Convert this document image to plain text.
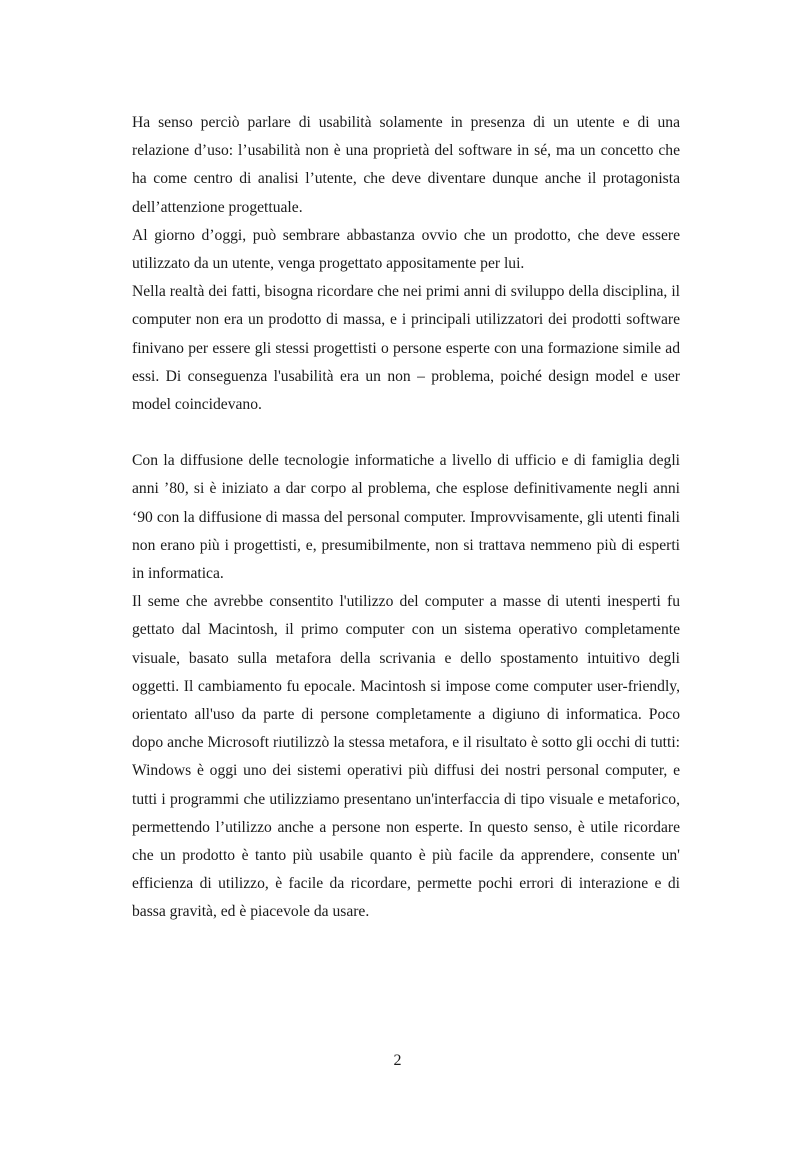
Ha senso perciò parlare di usabilità solamente in presenza di un utente e di una relazione d’uso: l’usabilità non è una proprietà del software in sé, ma un concetto che ha come centro di analisi l’utente, che deve diventare dunque anche il protagonista dell’attenzione progettuale.

Al giorno d’oggi, può sembrare abbastanza ovvio che un prodotto, che deve essere utilizzato da un utente, venga progettato appositamente per lui.

Nella realtà dei fatti, bisogna ricordare che nei primi anni di sviluppo della disciplina, il computer non era un prodotto di massa, e i principali utilizzatori dei prodotti software finivano per essere gli stessi progettisti o persone esperte con una formazione simile ad essi. Di conseguenza l'usabilità era un non – problema, poiché design model e user model coincidevano.

Con la diffusione delle tecnologie informatiche a livello di ufficio e di famiglia degli anni ’80, si è iniziato a dar corpo al problema, che esplose definitivamente negli anni ‘90 con la diffusione di massa del personal computer. Improvvisamente, gli utenti finali non erano più i progettisti, e, presumibilmente, non si trattava nemmeno più di esperti in informatica.

Il seme che avrebbe consentito l'utilizzo del computer a masse di utenti inesperti fu gettato dal Macintosh, il primo computer con un sistema operativo completamente visuale, basato sulla metafora della scrivania e dello spostamento intuitivo degli oggetti. Il cambiamento fu epocale. Macintosh si impose come computer user-friendly, orientato all'uso da parte di persone completamente a digiuno di informatica. Poco dopo anche Microsoft riutilizzò la stessa metafora, e il risultato è sotto gli occhi di tutti: Windows è oggi uno dei sistemi operativi più diffusi dei nostri personal computer, e tutti i programmi che utilizziamo presentano un'interfaccia di tipo visuale e metaforico, permettendo l’utilizzo anche a persone non esperte. In questo senso, è utile ricordare che un prodotto è tanto più usabile quanto è più facile da apprendere, consente un' efficienza di utilizzo, è facile da ricordare, permette pochi errori di interazione e di bassa gravità, ed è piacevole da usare.

2
